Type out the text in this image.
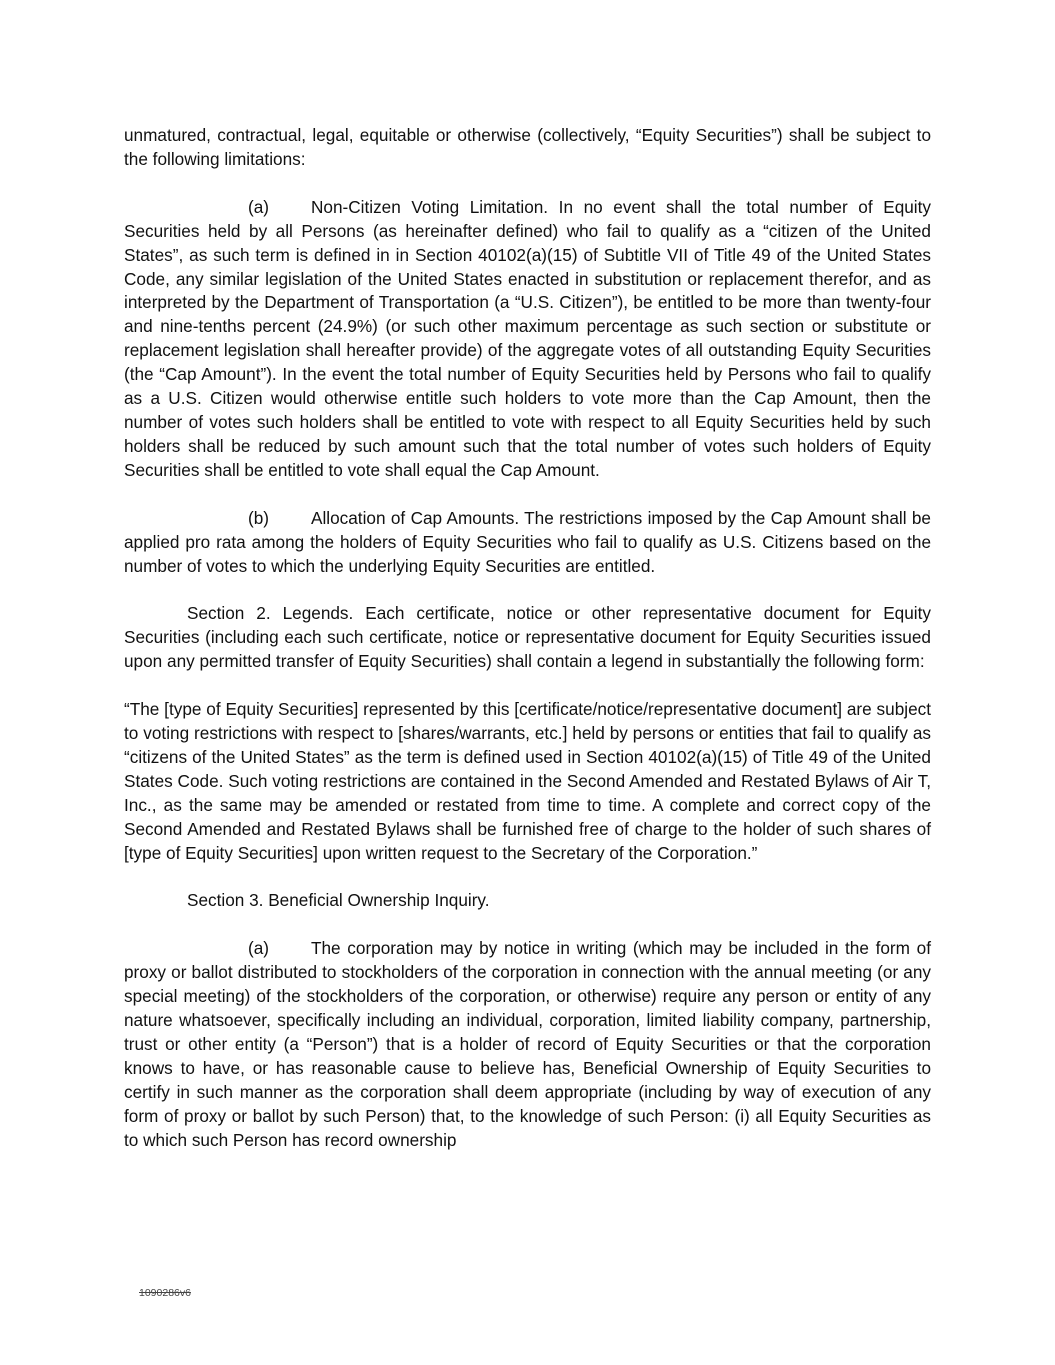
unmatured, contractual, legal, equitable or otherwise (collectively, “Equity Securities”) shall be subject to the following limitations:

(a) Non-Citizen Voting Limitation. In no event shall the total number of Equity Securities held by all Persons (as hereinafter defined) who fail to qualify as a “citizen of the United States”, as such term is defined in in Section 40102(a)(15) of Subtitle VII of Title 49 of the United States Code, any similar legislation of the United States enacted in substitution or replacement therefor, and as interpreted by the Department of Transportation (a “U.S. Citizen”), be entitled to be more than twenty-four and nine-tenths percent (24.9%) (or such other maximum percentage as such section or substitute or replacement legislation shall hereafter provide) of the aggregate votes of all outstanding Equity Securities (the “Cap Amount”). In the event the total number of Equity Securities held by Persons who fail to qualify as a U.S. Citizen would otherwise entitle such holders to vote more than the Cap Amount, then the number of votes such holders shall be entitled to vote with respect to all Equity Securities held by such holders shall be reduced by such amount such that the total number of votes such holders of Equity Securities shall be entitled to vote shall equal the Cap Amount.

(b) Allocation of Cap Amounts. The restrictions imposed by the Cap Amount shall be applied pro rata among the holders of Equity Securities who fail to qualify as U.S. Citizens based on the number of votes to which the underlying Equity Securities are entitled.

Section 2. Legends. Each certificate, notice or other representative document for Equity Securities (including each such certificate, notice or representative document for Equity Securities issued upon any permitted transfer of Equity Securities) shall contain a legend in substantially the following form:

“The [type of Equity Securities] represented by this [certificate/notice/representative document] are subject to voting restrictions with respect to [shares/warrants, etc.] held by persons or entities that fail to qualify as “citizens of the United States” as the term is defined used in Section 40102(a)(15) of Title 49 of the United States Code. Such voting restrictions are contained in the Second Amended and Restated Bylaws of Air T, Inc., as the same may be amended or restated from time to time. A complete and correct copy of the Second Amended and Restated Bylaws shall be furnished free of charge to the holder of such shares of [type of Equity Securities] upon written request to the Secretary of the Corporation.”

Section 3. Beneficial Ownership Inquiry.

(a) The corporation may by notice in writing (which may be included in the form of proxy or ballot distributed to stockholders of the corporation in connection with the annual meeting (or any special meeting) of the stockholders of the corporation, or otherwise) require any person or entity of any nature whatsoever, specifically including an individual, corporation, limited liability company, partnership, trust or other entity (a “Person”) that is a holder of record of Equity Securities or that the corporation knows to have, or has reasonable cause to believe has, Beneficial Ownership of Equity Securities to certify in such manner as the corporation shall deem appropriate (including by way of execution of any form of proxy or ballot by such Person) that, to the knowledge of such Person: (i) all Equity Securities as to which such Person has record ownership

1090286v6
